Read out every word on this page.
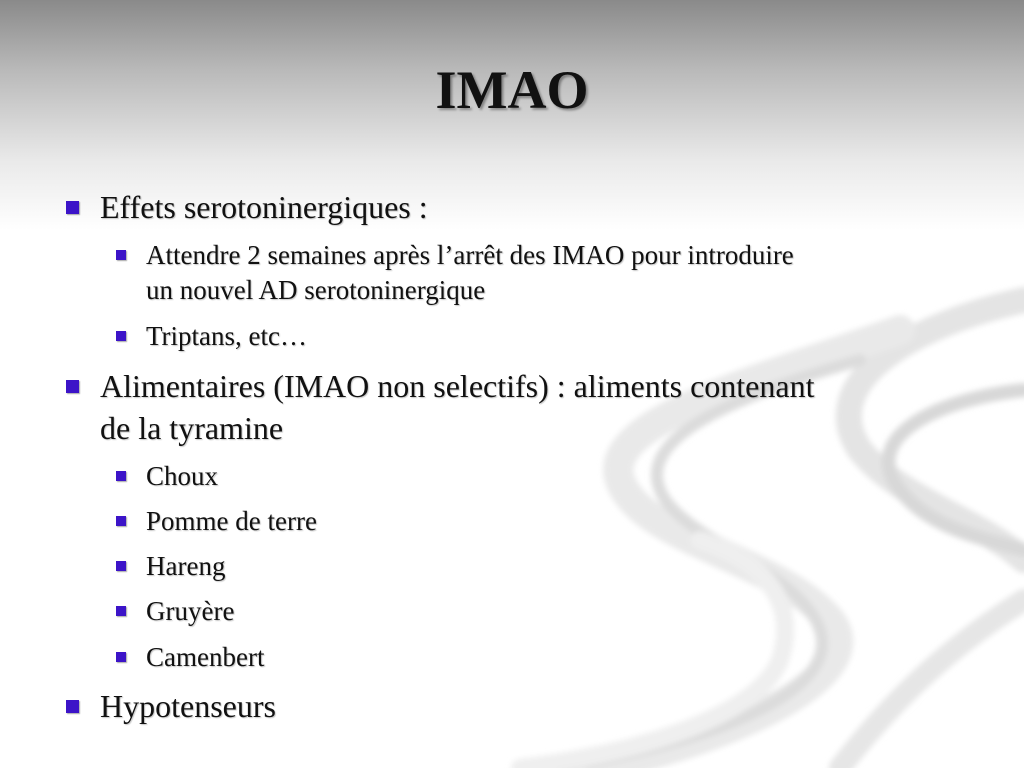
IMAO
Effets serotoninergiques :
Attendre 2 semaines après l’arrêt des IMAO pour introduire
un nouvel AD serotoninergique
Triptans, etc…
Alimentaires (IMAO non selectifs) : aliments contenant
de la tyramine
Choux
Pomme de terre
Hareng
Gruyère
Camenbert
Hypotenseurs
